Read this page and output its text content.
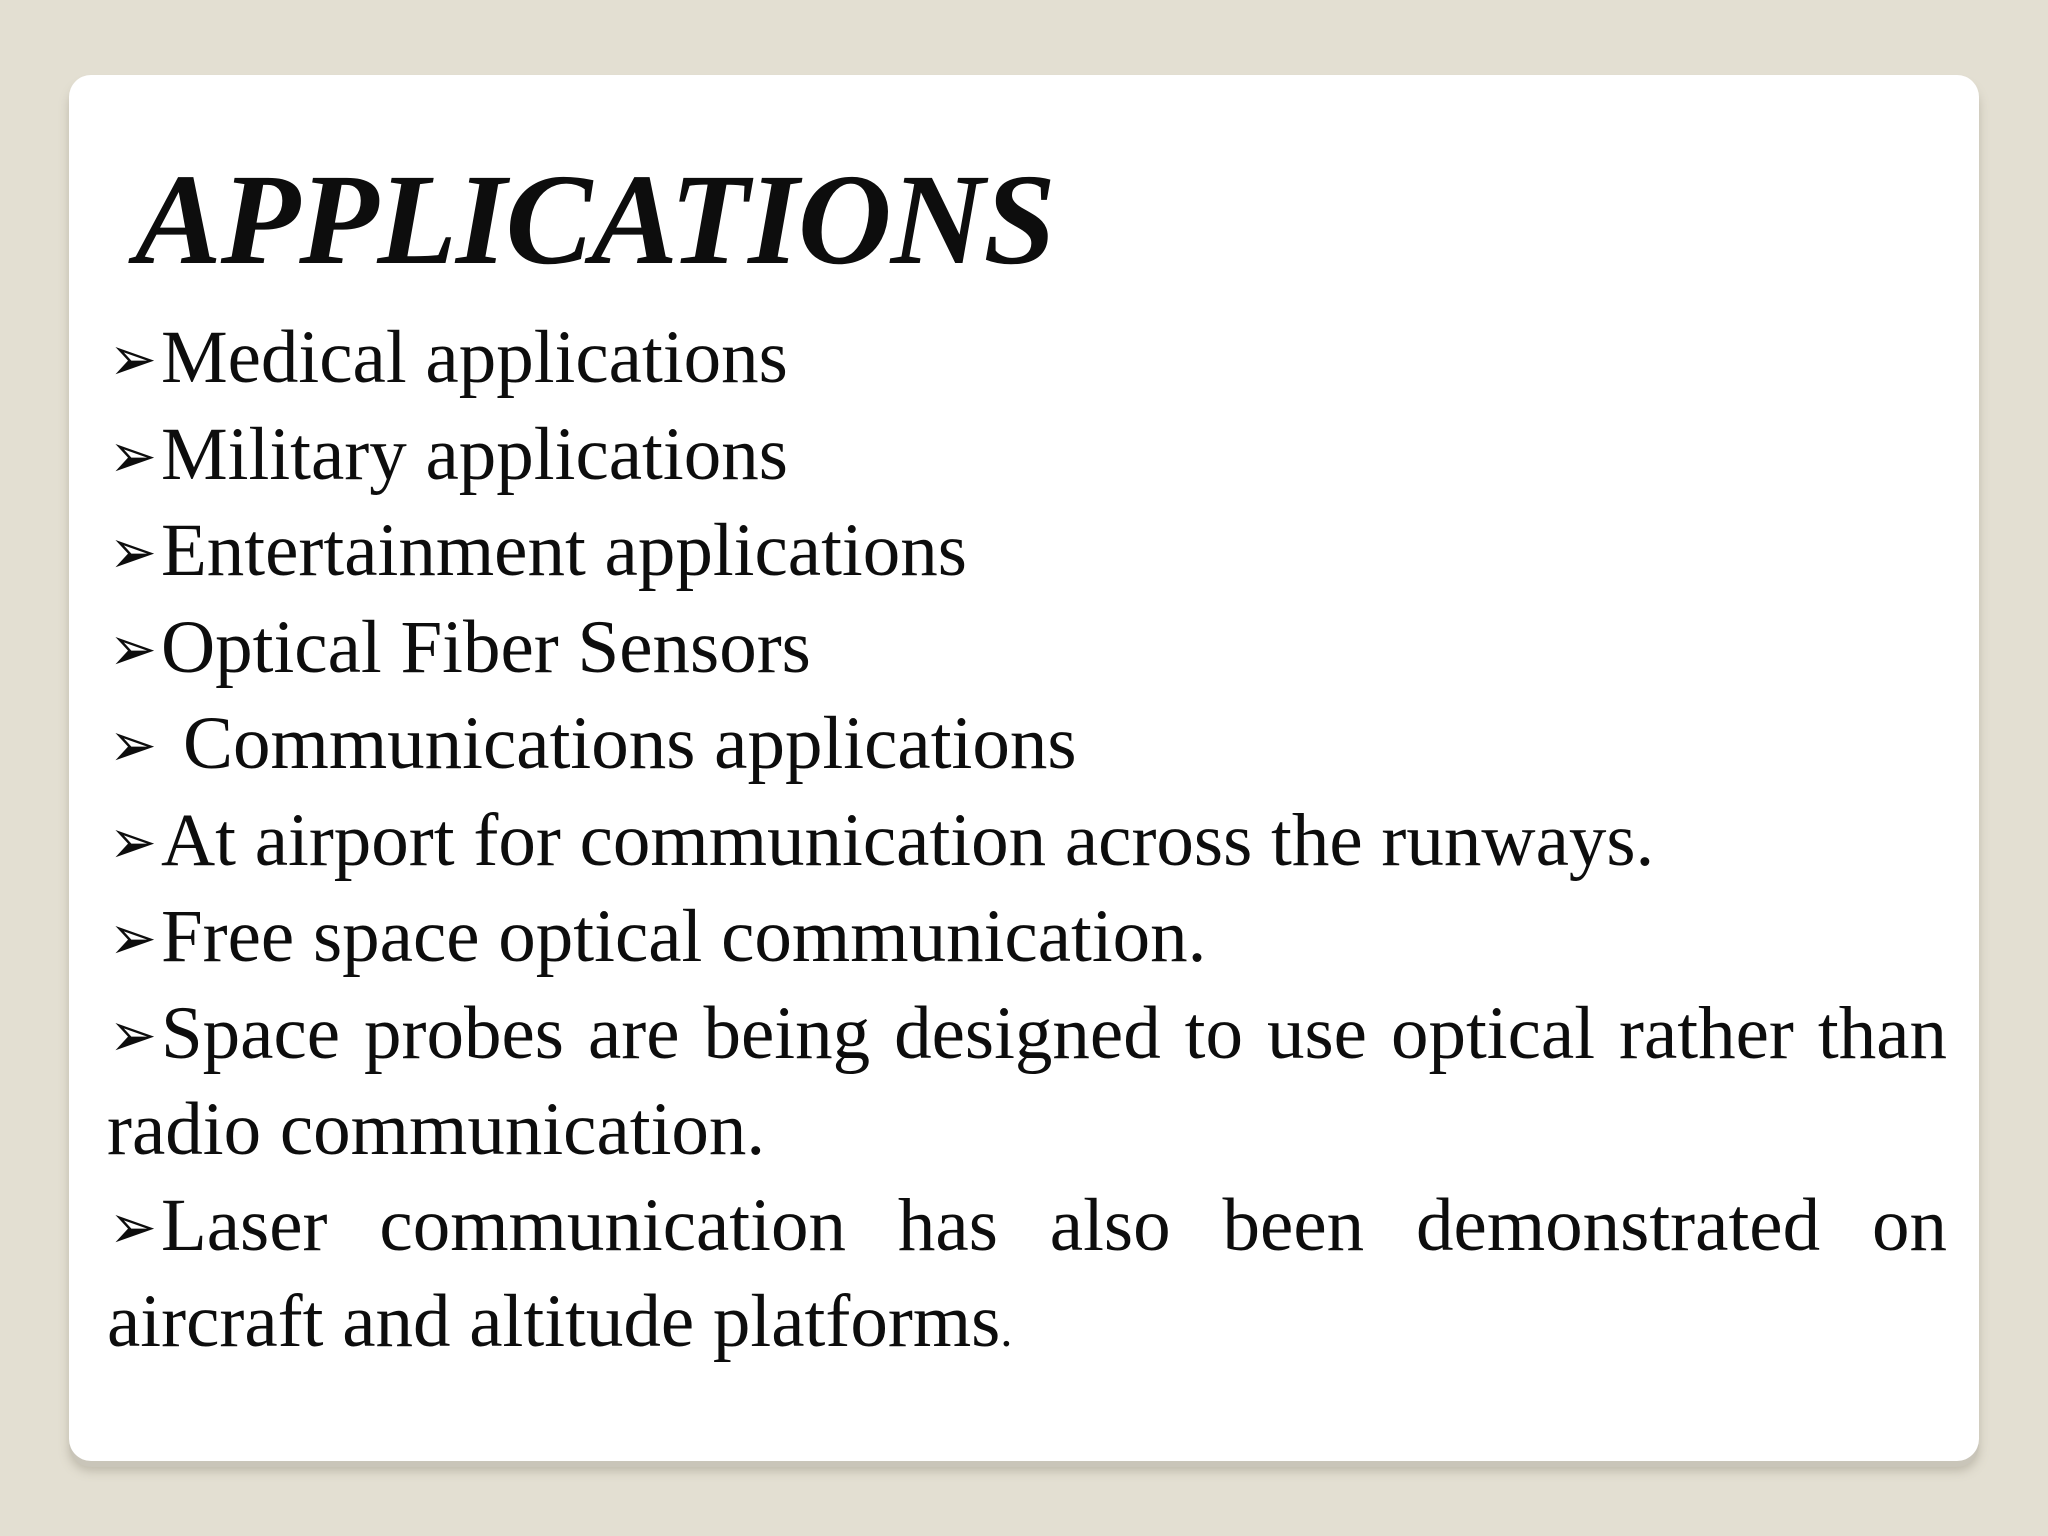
APPLICATIONS
➢Medical applications
➢Military applications
➢Entertainment applications
➢Optical Fiber Sensors
➢ Communications applications
➢At airport for communication across the runways.
➢Free space optical communication.
➢Space probes are being designed to use optical rather than radio communication.
➢Laser communication has also been demonstrated on aircraft and altitude platforms.
